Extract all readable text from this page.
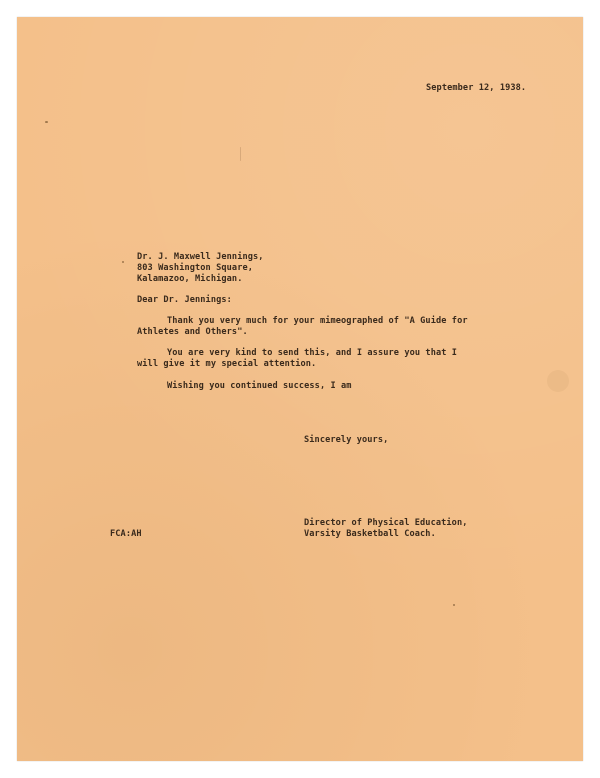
September 12, 1938.
Dr. J. Maxwell Jennings,
803 Washington Square,
Kalamazoo, Michigan.
Dear Dr. Jennings:
Thank you very much for your mimeographed of "A Guide for
Athletes and Others".
You are very kind to send this, and I assure you that I
will give it my special attention.
Wishing you continued success, I am
Sincerely yours,
Director of Physical Education,
Varsity Basketball Coach.
FCA:AH
